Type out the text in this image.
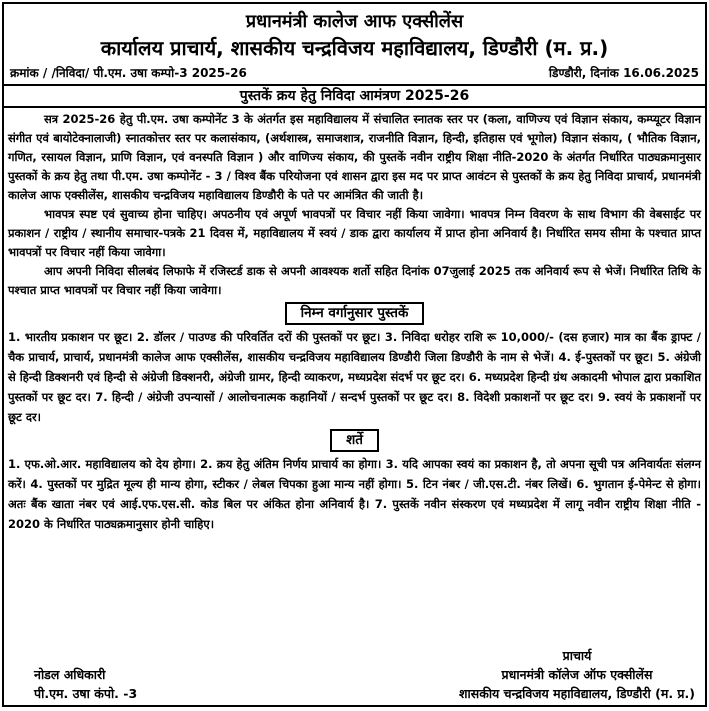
प्रधानमंत्री कालेज आफ एक्सीलेंस
कार्यालय प्राचार्य, शासकीय चन्द्रविजय महाविद्यालय, डिण्डौरी (म. प्र.)
क्रमांक / /निविदा/ पी.एम. उषा कम्पो-3 2025-26	डिण्डौरी, दिनांक 16.06.2025
पुस्तकें क्रय हेतु निविदा आमंत्रण 2025-26

सत्र 2025-26 हेतु पी.एम. उषा कम्पोनेंट 3 के अंतर्गत इस महाविद्यालय में संचालित स्नातक स्तर पर (कला, वाणिज्य एवं विज्ञान संकाय, कम्प्यूटर विज्ञान संगीत एवं बायोटेक्नालाजी) स्नातकोत्तर स्तर पर कलासंकाय, (अर्थशास्त्र, समाजशात्र, राजनीति विज्ञान, हिन्दी, इतिहास एवं भूगोल) विज्ञान संकाय, ( भौतिक विज्ञान, गणित, रसायल विज्ञान, प्राणि विज्ञान, एवं वनस्पति विज्ञान ) और वाणिज्य संकाय, की पुस्तकें नवीन राष्ट्रीय शिक्षा नीति-2020 के अंतर्गत निर्धारित पाठ्यक्रमानुसार पुस्तकों के क्रय हेतु तथा पी.एम. उषा कम्पोनेंट - 3 / विश्व बैंक परियोजना एवं शासन द्वारा इस मद पर प्राप्त आवंटन से पुस्तकों के क्रय हेतु निविदा प्राचार्य, प्रधानमंत्री कालेज आफ एक्सीलेंस, शासकीय चन्द्रविजय महाविद्यालय डिण्डौरी के पते पर आमंत्रित की जाती है।

भावपत्र स्पष्ट एवं सुवाच्य होना चाहिए। अपठनीय एवं अपूर्ण भावपत्रों पर विचार नहीं किया जावेगा। भावपत्र निम्न विवरण के साथ विभाग की वेबसाईट पर प्रकाशन / राष्ट्रीय / स्थानीय समाचार-पत्रके 21 दिवस में, महाविद्यालय में स्वयं / डाक द्वारा कार्यालय में प्राप्त होना अनिवार्य है। निर्धारित समय सीमा के पश्चात प्राप्त भावपत्रों पर विचार नहीं किया जावेगा।

आप अपनी निविदा सीलबंद लिफाफे में रजिस्टर्ड डाक से अपनी आवश्यक शर्तो सहित दिनांक 07जुलाई 2025 तक अनिवार्य रूप से भेजें। निर्धारित तिथि के पश्चात प्राप्त भावपत्रों पर विचार नहीं किया जावेगा।

निम्न वर्गानुसार पुस्तकें

1. भारतीय प्रकाशन पर छूट। 2. डॉलर / पाउण्ड की परिवर्तित दरों की पुस्तकों पर छूट। 3. निविदा धरोहर राशि रू 10,000/- (दस हजार) मात्र का बैंक ड्राफ्ट / चैक प्राचार्य, प्राचार्य, प्रधानमंत्री कालेज आफ एक्सीलेंस, शासकीय चन्द्रविजय महाविद्यालय डिण्डौरी जिला डिण्डौरी के नाम से भेजें। 4. ई-पुस्तकों पर छूट। 5. अंग्रेजी से हिन्दी डिक्शनरी एवं हिन्दी से अंग्रेजी डिक्शनरी, अंग्रेजी ग्रामर, हिन्दी व्याकरण, मध्यप्रदेश संदर्भ पर छूट दर। 6. मध्यप्रदेश हिन्दी ग्रंथ अकादमी भोपाल द्वारा प्रकाशित पुस्तकों पर छूट दर। 7. हिन्दी / अंग्रेजी उपन्यासों / आलोचनात्मक कहानियों / सन्दर्भ पुस्तकों पर छूट दर। 8. विदेशी प्रकाशनों पर छूट दर। 9. स्वयं के प्रकाशनों पर छूट दर।

शर्ते

1. एफ.ओ.आर. महाविद्यालय को देय होगा। 2. क्रय हेतु अंतिम निर्णय प्राचार्य का होगा। 3. यदि आपका स्वयं का प्रकाशन है, तो अपना सूची पत्र अनिवार्यतः संलग्न करें। 4. पुस्तकों पर मुद्रित मूल्य ही मान्य होगा, स्टीकर / लेबल चिपका हुआ मान्य नहीं होगा। 5. टिन नंबर / जी.एस.टी. नंबर लिखें। 6. भुगतान ई-पेमेन्ट से होगा। अतः बैंक खाता नंबर एवं आई.एफ.एस.सी. कोड बिल पर अंकित होना अनिवार्य है। 7. पुस्तकें नवीन संस्करण एवं मध्यप्रदेश में लागू नवीन राष्ट्रीय शिक्षा नीति - 2020 के निर्धारित पाठ्यक्रमानुसार होनी चाहिए।

नोडल अधिकारी
पी.एम. उषा कंपो. -3
प्राचार्य
प्रधानमंत्री कॉलेज ऑफ एक्सीलेंस
शासकीय चन्द्रविजय महाविद्यालय, डिण्डौरी (म. प्र.)
